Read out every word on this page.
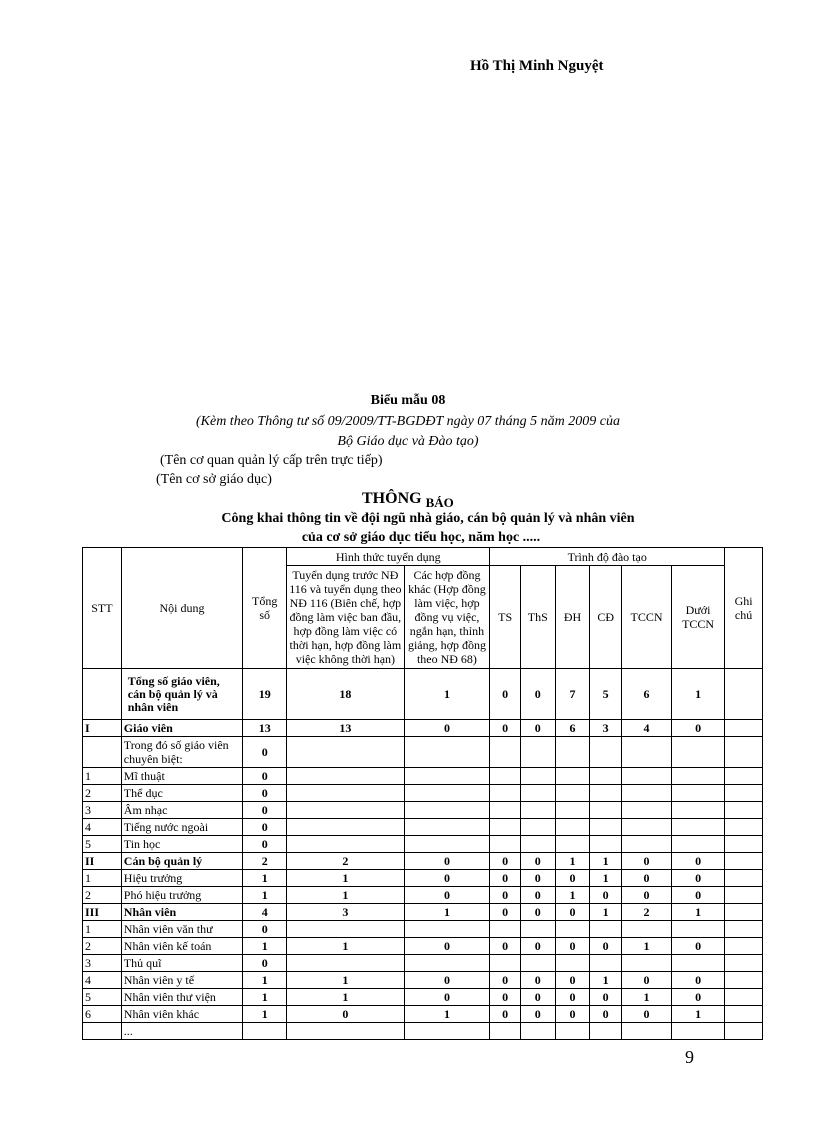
Hồ Thị Minh Nguyệt
Biểu mẫu 08
(Kèm theo Thông tư số 09/2009/TT-BGDĐT ngày 07 tháng 5 năm 2009 của
Bộ Giáo dục và Đào tạo)
(Tên cơ quan quản lý cấp trên trực tiếp)
(Tên cơ sở giáo dục)
THÔNG $_{BÁO}$
Công khai thông tin về đội ngũ nhà giáo, cán bộ quản lý và nhân viên
của cơ sở giáo dục tiểu học, năm học .....
STT	Nội dung	Tổng số	Hình thức tuyển dụng		Trình độ đào tạo						Ghi chú
			Tuyển dụng trước NĐ 116 và tuyển dụng theo NĐ 116 (Biên chế, hợp đồng làm việc ban đầu, hợp đồng làm việc có thời hạn, hợp đồng làm việc không thời hạn)	Các hợp đồng khác (Hợp đồng làm việc, hợp đồng vụ việc, ngắn hạn, thỉnh giảng, hợp đồng theo NĐ 68)	TS	ThS	ĐH	CĐ	TCCN	Dưới TCCN	
	Tổng số giáo viên, cán bộ quản lý và nhân viên	19	18	1	0	0	7	5	6	1	
I	Giáo viên	13	13	0	0	0	6	3	4	0	
	Trong đó số giáo viên chuyên biệt:	0									
1	Mĩ thuật	0									
2	Thể dục	0									
3	Âm nhạc	0									
4	Tiếng nước ngoài	0									
5	Tin học	0									
II	Cán bộ quản lý	2	2	0	0	0	1	1	0	0	
1	Hiệu trưởng	1	1	0	0	0	0	1	0	0	
2	Phó hiệu trưởng	1	1	0	0	0	1	0	0	0	
III	Nhân viên	4	3	1	0	0	0	1	2	1	
1	Nhân viên văn thư	0									
2	Nhân viên kế toán	1	1	0	0	0	0	0	1	0	
3	Thủ quĩ	0									
4	Nhân viên y tế	1	1	0	0	0	0	1	0	0	
5	Nhân viên thư viện	1	1	0	0	0	0	0	1	0	
6	Nhân viên khác	1	0	1	0	0	0	0	0	1	
	...										
9
